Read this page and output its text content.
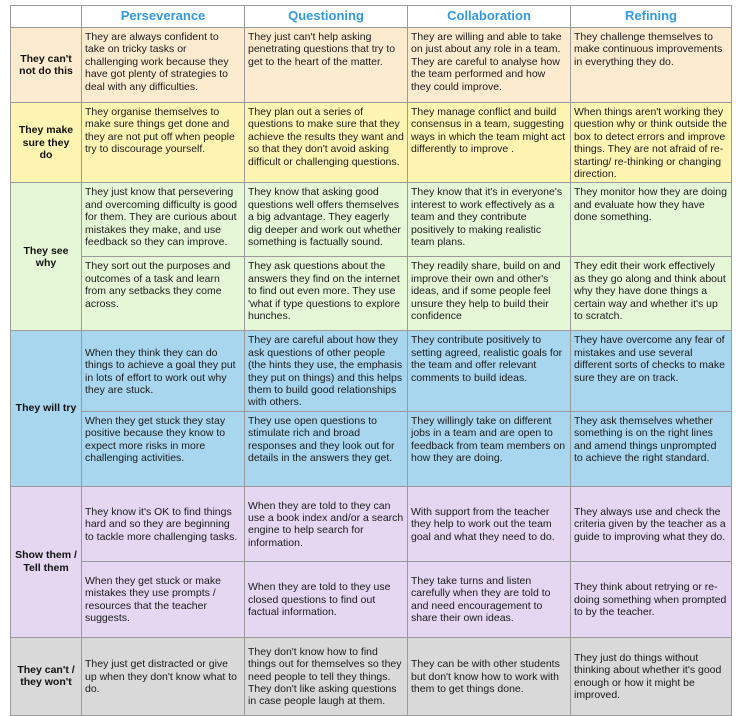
	Perseverance	Questioning	Collaboration	Refining
They can't not do this	They are always confident to take on tricky tasks or challenging work because they have got plenty of strategies to deal with any difficulties.	They just can't help asking penetrating questions that try to get to the heart of the matter.	They are willing and able to take on just about any role in a team. They are careful to analyse how the team performed and how they could improve.	They challenge themselves to make continuous improvements in everything they do.
They make sure they do	They organise themselves to make sure things get done and they are not put off when people try to discourage yourself.	They plan out a series of questions to make sure that they achieve the results they want and so that they don't avoid asking difficult or challenging questions.	They manage conflict and build consensus in a team, suggesting ways in which the team might act differently to improve .	When things aren't working they question why or think outside the box to detect errors and improve things. They are not afraid of re-starting/ re-thinking or changing direction.
They see why	They just know that persevering and overcoming difficulty is good for them. They are curious about mistakes they make, and use feedback so they can improve.	They know that asking good questions well offers themselves a big advantage. They eagerly dig deeper and work out whether something is factually sound.	They know that it's in everyone's interest to work effectively as a team and they contribute positively to making realistic team plans.	They monitor how they are doing and evaluate how they have done something.
	They sort out the purposes and outcomes of a task and learn from any setbacks they come across.	They ask questions about the answers they find on the internet to find out even more. They use 'what if type questions to explore hunches.	They readily share, build on and improve their own and other's ideas, and if some people feel unsure they help to build their confidence	They edit their work effectively as they go along and think about why they have done things a certain way and whether it's up to scratch.
They will try	When they think they can do things to achieve a goal they put in lots of effort to work out why they are stuck.	They are careful about how they ask questions of other people (the hints they use, the emphasis they put on things) and this helps them to build good relationships with others.	They contribute positively to setting agreed, realistic goals for the team and offer relevant comments to build ideas.	They have overcome any fear of mistakes and use several different sorts of checks to make sure they are on track.
	When they get stuck they stay positive because they know to expect more risks in more challenging activities.	They use open questions to stimulate rich and broad responses and they look out for details in the answers they get.	They willingly take on different jobs in a team and are open to feedback from team members on how they are doing.	They ask themselves whether something is on the right lines and amend things unprompted to achieve the right standard.
Show them / Tell them	They know it's OK to find things hard and so they are beginning to tackle more challenging tasks.	When they are told to they can use a book index and/or a search engine to help search for information.	With support from the teacher they help to work out the team goal and what they need to do.	They always use and check the criteria given by the teacher as a guide to improving what they do.
	When they get stuck or make mistakes they use prompts / resources that the teacher suggests.	When they are told to they use closed questions to find out factual information.	They take turns and listen carefully when they are told to and need encouragement to share their own ideas.	They think about retrying or re-doing something when prompted to by the teacher.
They can't / they won't	They just get distracted or give up when they don't know what to do.	They don't know how to find things out for themselves so they need people to tell they things. They don't like asking questions in case people laugh at them.	They can be with other students but don't know how to work with them to get things done.	They just do things without thinking about whether it's good enough or how it might be improved.
